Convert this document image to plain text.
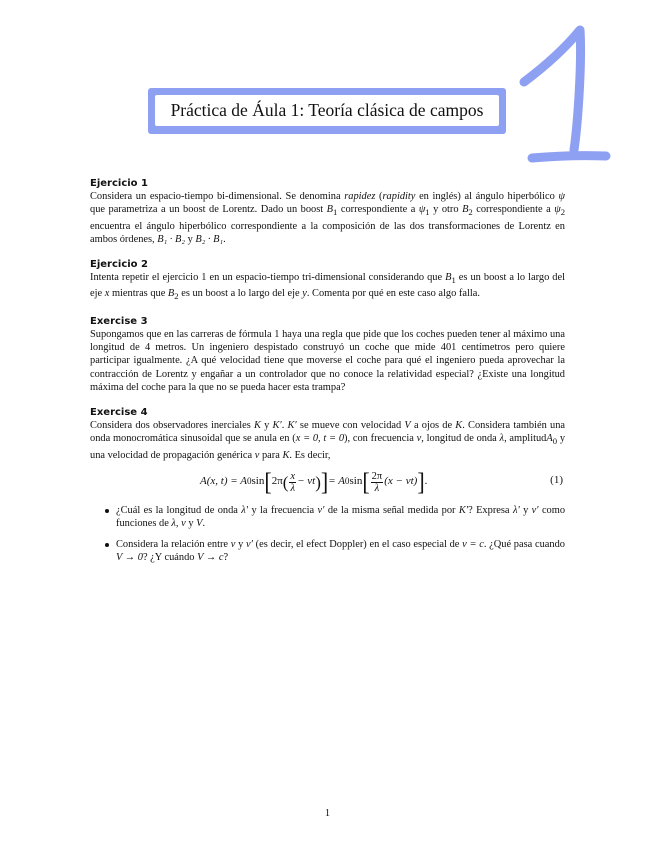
1
Práctica de Áula 1: Teoría clásica de campos

Ejercicio 1

Considera un espacio-tiempo bi-dimensional. Se denomina rapidez (rapidity en inglés) al ángulo hiperbólico ψ que parametriza a un boost de Lorentz. Dado un boost $B_1$ correspondiente a $\psi_1$ y otro $B_2$ correspondiente a $\psi_2$ encuentra el ángulo hiperbólico correspondiente a la composición de las dos transformaciones de Lorentz en ambos órdenes, B₁ · B₂ y B₂ · B₁.

Ejercicio 2

Intenta repetir el ejercicio 1 en un espacio-tiempo tri-dimensional considerando que $B_1$ es un boost a lo largo del eje x mientras que $B_2$ es un boost a lo largo del eje y. Comenta por qué en este caso algo falla.

Exercise 3

Supongamos que en las carreras de fórmula 1 haya una regla que pide que los coches pueden tener al máximo una longitud de 4 metros. Un ingeniero despistado construyó un coche que mide 401 centímetros pero quiere participar igualmente. ¿A qué velocidad tiene que moverse el coche para qué el ingeniero pueda aprovechar la contracción de Lorentz y engañar a un controlador que no conoce la relatividad especial? ¿Existe una longitud máxima del coche para la que no se pueda hacer esta trampa?

Exercise 4

Considera dos observadores inerciales K y K′. K′ se mueve con velocidad V a ojos de K. Considera también una onda monocromática sinusoidal que se anula en (x = 0, t = 0), con frecuencia ν, longitud de onda λ, amplitudA$_0$ y una velocidad de propagación genérica v para K. Es decir,

A(x, t) = A 0 sin [ 2π ( $\frac{x}{\lambda} - \nu t$ ) ] = A 0 sin [ $\frac{2\pi}{\lambda} (x - vt)$ ] .	(1)
¿Cuál es la longitud de onda λ′ y la frecuencia ν′ de la misma señal medida por K′? Expresa λ′ y ν′ como funciones de λ, ν y V.
Considera la relación entre ν y ν′ (es decir, el efect Doppler) en el caso especial de v = c. ¿Qué pasa cuando V → 0? ¿Y cuándo V → c?
1
